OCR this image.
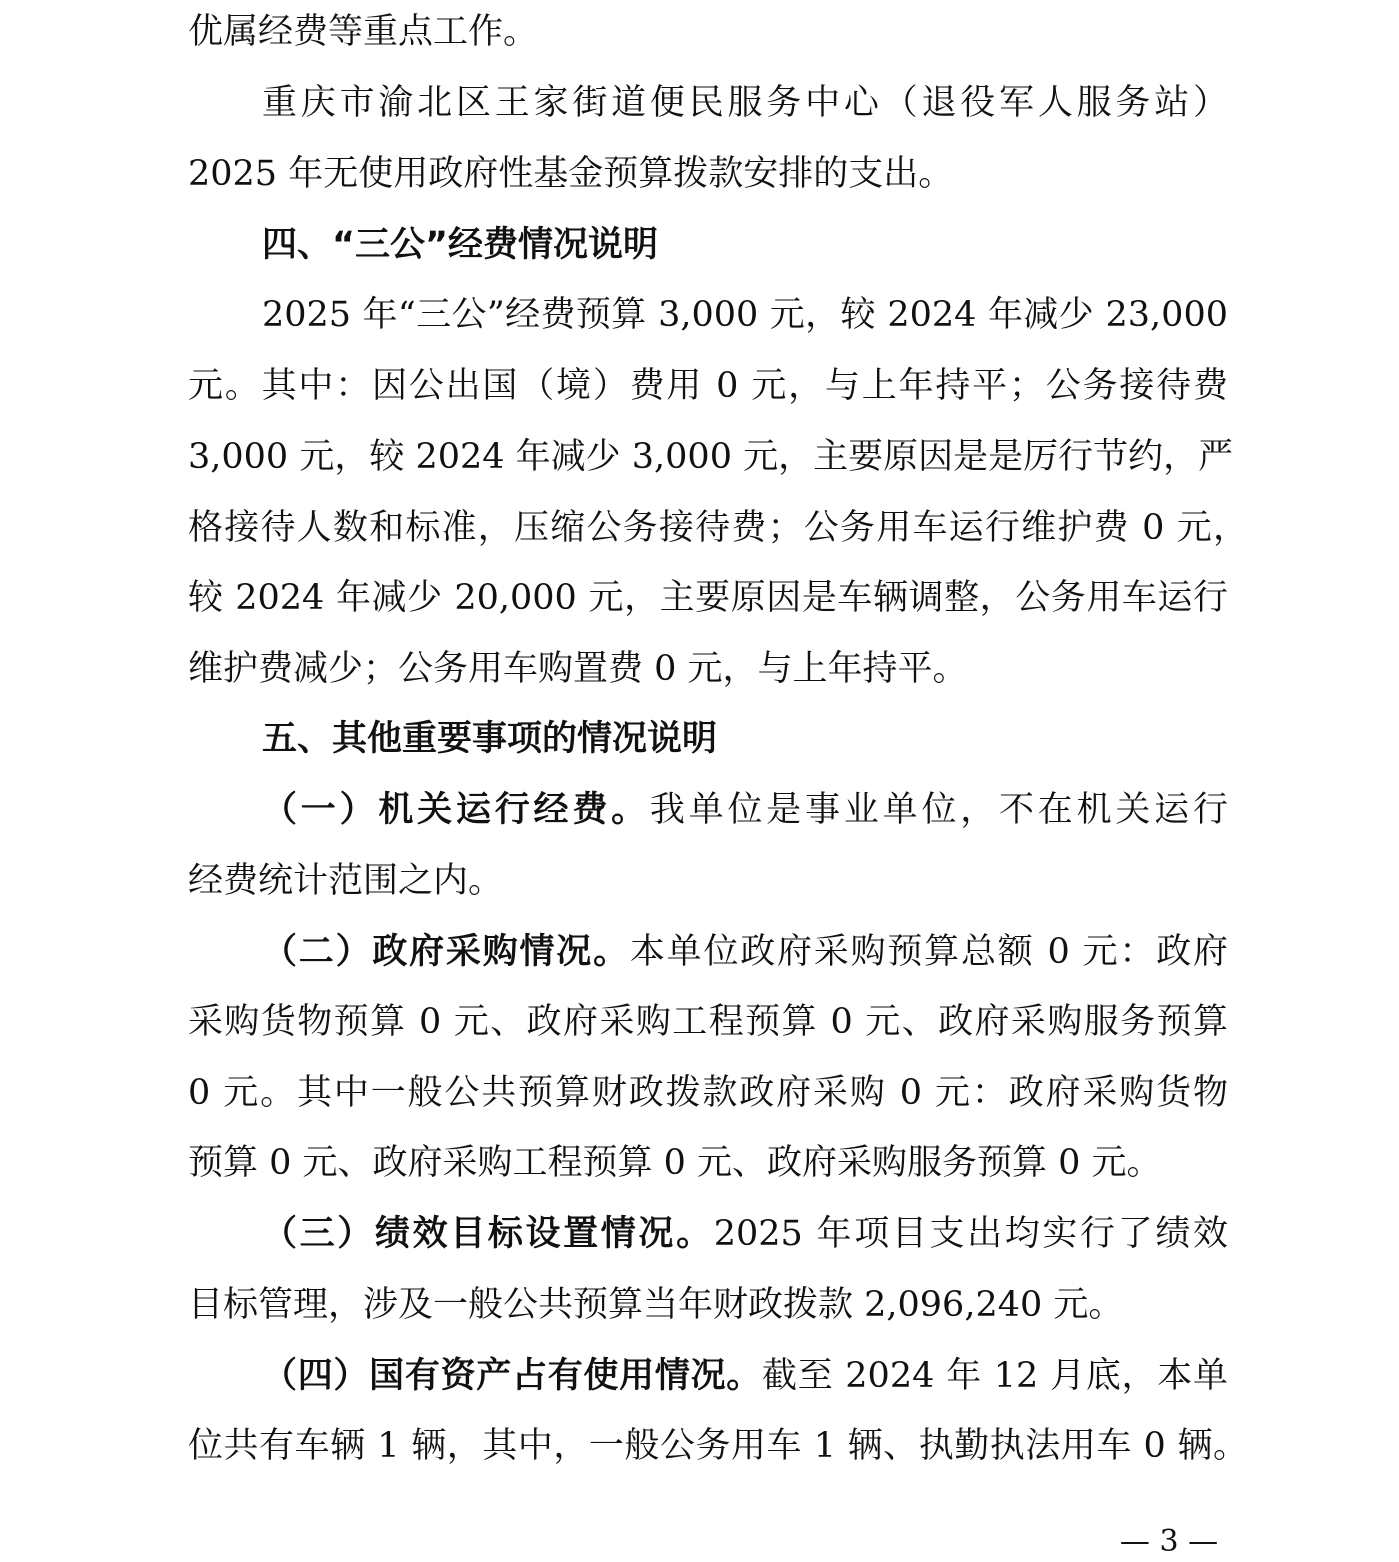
优属经费等重点工作。
重庆市渝北区王家街道便民服务中心（退役军人服务站）
2025 年无使用政府性基金预算拨款安排的支出。
四、“三公”经费情况说明
2025 年“三公”经费预算 3,000 元，较 2024 年减少 23,000
元。其中：因公出国（境）费用 0 元，与上年持平；公务接待费
3,000 元，较 2024 年减少 3,000 元，主要原因是是厉行节约，严
格接待人数和标准，压缩公务接待费；公务用车运行维护费 0 元，
较 2024 年减少 20,000 元，主要原因是车辆调整，公务用车运行
维护费减少；公务用车购置费 0 元，与上年持平。
五、其他重要事项的情况说明
（一）机关运行经费。我单位是事业单位，不在机关运行
经费统计范围之内。
（二）政府采购情况。本单位政府采购预算总额 0 元：政府
采购货物预算 0 元、政府采购工程预算 0 元、政府采购服务预算
0 元。其中一般公共预算财政拨款政府采购 0 元：政府采购货物
预算 0 元、政府采购工程预算 0 元、政府采购服务预算 0 元。
（三）绩效目标设置情况。2025 年项目支出均实行了绩效
目标管理，涉及一般公共预算当年财政拨款 2,096,240 元。
（四）国有资产占有使用情况。截至 2024 年 12 月底，本单
位共有车辆 1 辆，其中，一般公务用车 1 辆、执勤执法用车 0 辆。
— 3 —
